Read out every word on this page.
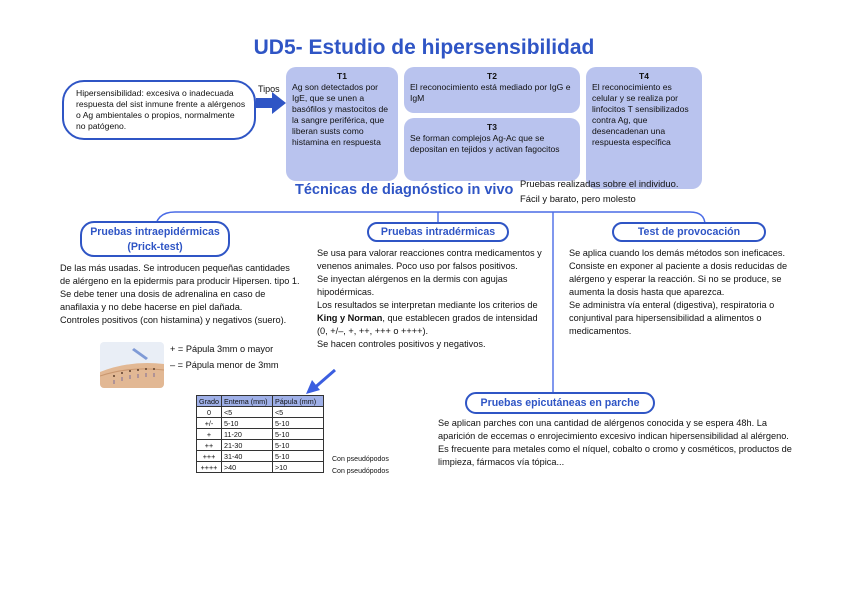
UD5- Estudio de hipersensibilidad
Hipersensibilidad: excesiva o inadecuada respuesta del sist inmune frente a alérgenos o Ag ambientales o propios, normalmente no patógeno.
Tipos
T1
Ag son detectados por IgE, que se unen a basófilos y mastocitos de la sangre periférica, que liberan susts como histamina en respuesta
T2
El reconocimiento está mediado por IgG e IgM
T3
Se forman complejos Ag-Ac que se depositan en tejidos y activan fagocitos
T4
El reconocimiento es celular y se realiza por linfocitos T sensibilizados contra Ag, que desencadenan una respuesta específica
Técnicas de diagnóstico in vivo Pruebas realizadas sobre el individuo.
Fácil y barato, pero molesto
Pruebas intraepidérmicas
(Prick-test)
De las más usadas. Se introducen pequeñas cantidades de alérgeno en la epidermis para producir Hipersen. tipo 1.
Se debe tener una dosis de adrenalina en caso de anafilaxia y no debe hacerse en piel dañada.
Controles positivos (con histamina) y negativos (suero).
+ = Pápula 3mm o mayor
– = Pápula menor de 3mm
Pruebas intradérmicas
Se usa para valorar reacciones contra medicamentos y venenos animales. Poco uso por falsos positivos.
Se inyectan alérgenos en la dermis con agujas hipodérmicas.
Los resultados se interpretan mediante los criterios de King y Norman, que establecen grados de intensidad (0, +/–, +, ++, +++ o ++++).
Se hacen controles positivos y negativos.
Grado	Entema (mm)	Pápula (mm)
0	<5	<5
+/-	5-10	5-10
+	11-20	5-10
++	21-30	5-10
+++	31-40	5-10
++++	>40	>10
Con pseudópodos
Con pseudópodos
Test de provocación
Se aplica cuando los demás métodos son ineficaces.
Consiste en exponer al paciente a dosis reducidas de alérgeno y esperar la reacción. Si no se produce, se aumenta la dosis hasta que aparezca.
Se administra vía enteral (digestiva), respiratoria o conjuntival para hipersensibilidad a alimentos o medicamentos.
Pruebas epicutáneas en parche
Se aplican parches con una cantidad de alérgenos conocida y se espera 48h. La aparición de eccemas o enrojecimiento excesivo indican hipersensibilidad al alérgeno.
Es frecuente para metales como el níquel, cobalto o cromo y cosméticos, productos de limpieza, fármacos vía tópica...
